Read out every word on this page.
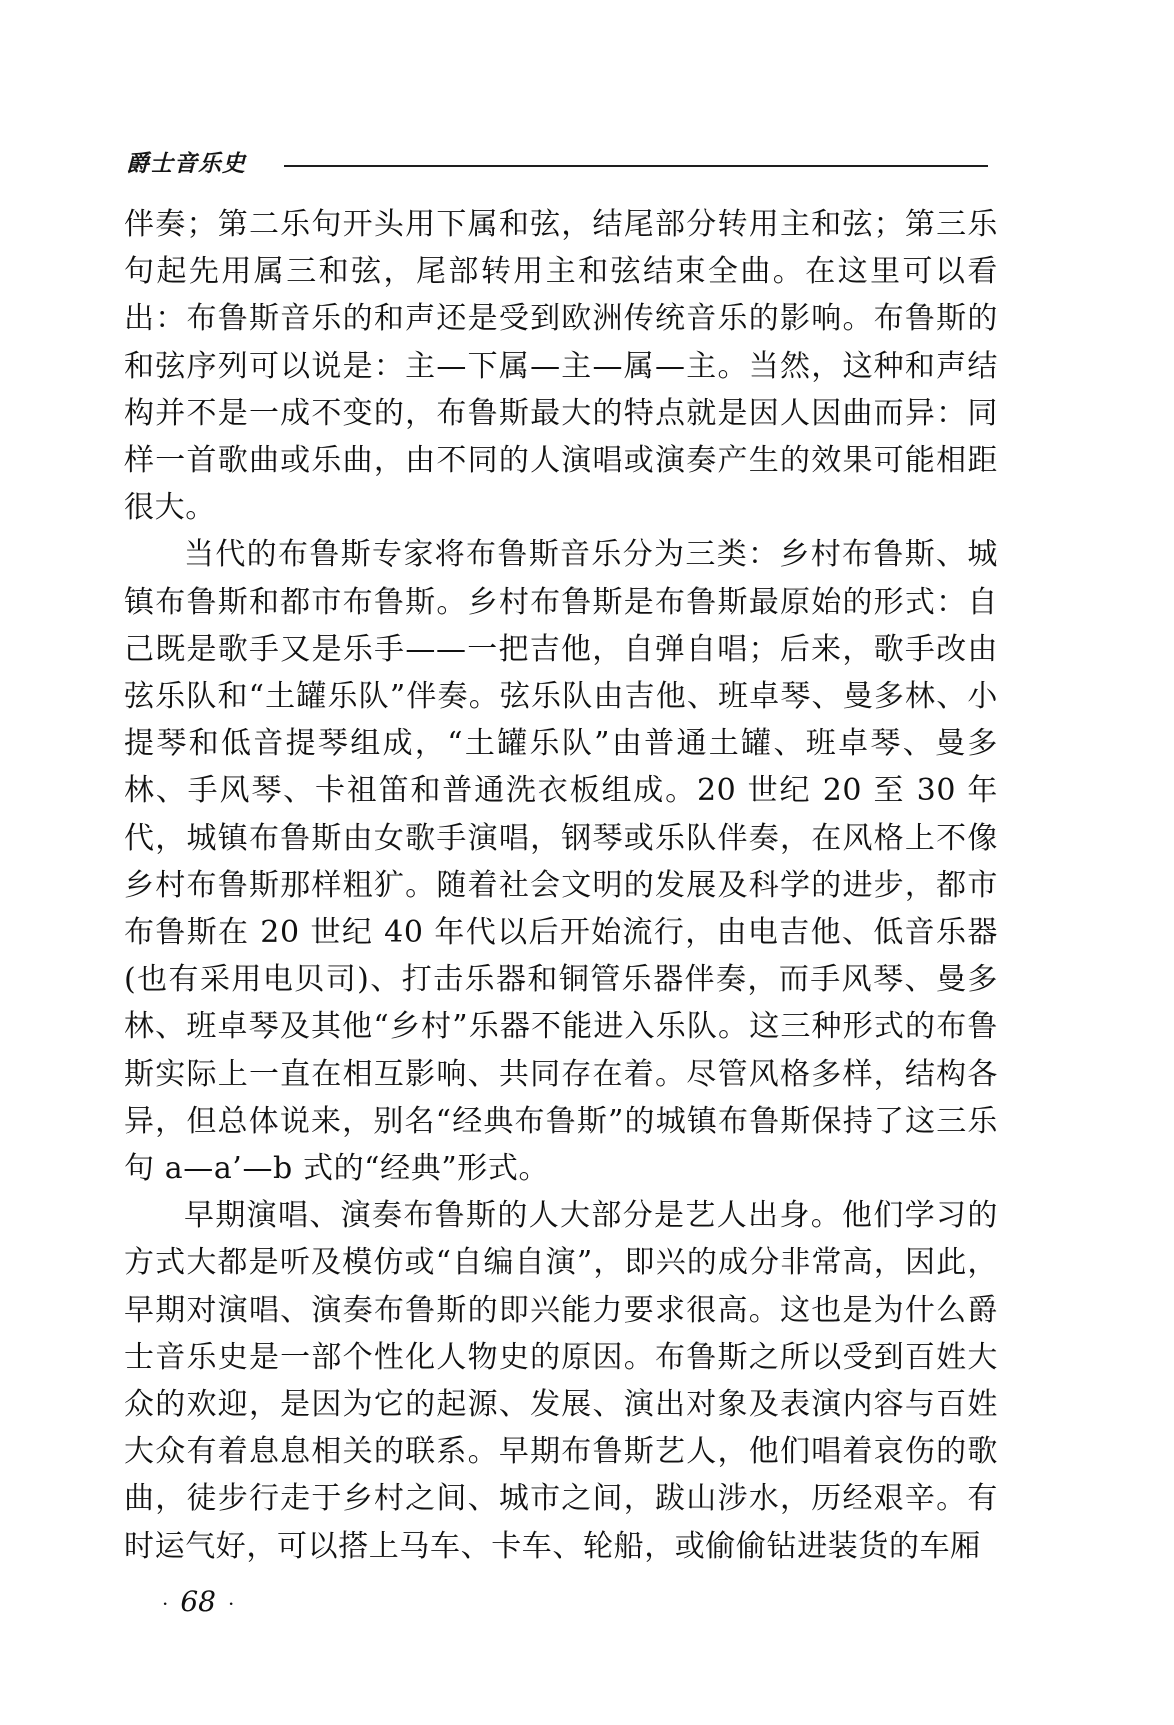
爵士音乐史

伴奏；第二乐句开头用下属和弦，结尾部分转用主和弦；第三乐句起先用属三和弦，尾部转用主和弦结束全曲。在这里可以看出：布鲁斯音乐的和声还是受到欧洲传统音乐的影响。布鲁斯的和弦序列可以说是：主—下属—主—属—主。当然，这种和声结构并不是一成不变的，布鲁斯最大的特点就是因人因曲而异：同样一首歌曲或乐曲，由不同的人演唱或演奏产生的效果可能相距很大。

当代的布鲁斯专家将布鲁斯音乐分为三类：乡村布鲁斯、城镇布鲁斯和都市布鲁斯。乡村布鲁斯是布鲁斯最原始的形式：自己既是歌手又是乐手——一把吉他，自弹自唱；后来，歌手改由弦乐队和“土罐乐队”伴奏。弦乐队由吉他、班卓琴、曼多林、小提琴和低音提琴组成，“土罐乐队”由普通土罐、班卓琴、曼多林、手风琴、卡祖笛和普通洗衣板组成。20 世纪 20 至 30 年代，城镇布鲁斯由女歌手演唱，钢琴或乐队伴奏，在风格上不像乡村布鲁斯那样粗犷。随着社会文明的发展及科学的进步，都市布鲁斯在 20 世纪 40 年代以后开始流行，由电吉他、低音乐器(也有采用电贝司)、打击乐器和铜管乐器伴奏，而手风琴、曼多林、班卓琴及其他“乡村”乐器不能进入乐队。这三种形式的布鲁斯实际上一直在相互影响、共同存在着。尽管风格多样，结构各异，但总体说来，别名“经典布鲁斯”的城镇布鲁斯保持了这三乐句 a—a’—b 式的“经典”形式。

早期演唱、演奏布鲁斯的人大部分是艺人出身。他们学习的方式大都是听及模仿或“自编自演”，即兴的成分非常高，因此，早期对演唱、演奏布鲁斯的即兴能力要求很高。这也是为什么爵士音乐史是一部个性化人物史的原因。布鲁斯之所以受到百姓大众的欢迎，是因为它的起源、发展、演出对象及表演内容与百姓大众有着息息相关的联系。早期布鲁斯艺人，他们唱着哀伤的歌曲，徒步行走于乡村之间、城市之间，跋山涉水，历经艰辛。有时运气好，可以搭上马车、卡车、轮船，或偷偷钻进装货的车厢

· 68 ·
